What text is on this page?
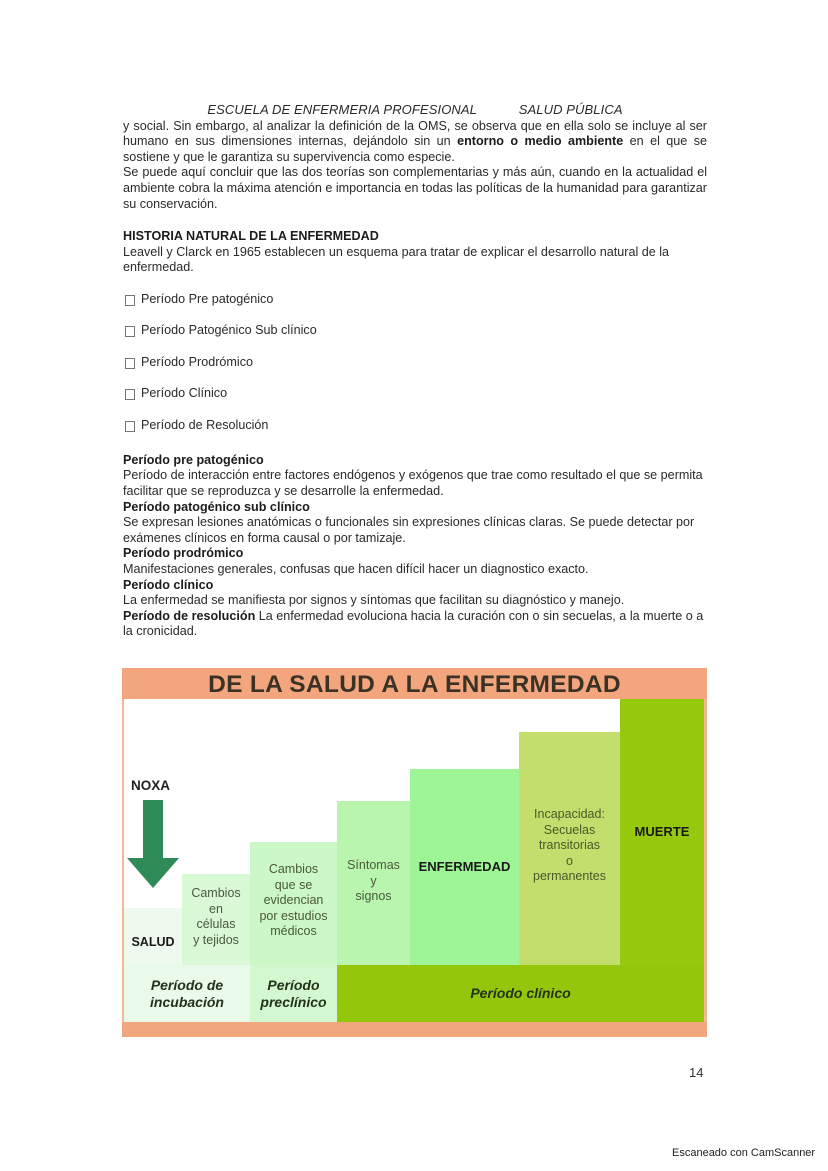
ESCUELA DE ENFERMERIA PROFESIONAL	SALUD PÚBLICA

y social. Sin embargo, al analizar la definición de la OMS, se observa que en ella solo se incluye al ser humano en sus dimensiones internas, dejándolo sin un entorno o medio ambiente en el que se sostiene y que le garantiza su supervivencia como especie.

Se puede aquí concluir que las dos teorías son complementarias y más aún, cuando en la actualidad el ambiente cobra la máxima atención e importancia en todas las políticas de la humanidad para garantizar su conservación.

HISTORIA NATURAL DE LA ENFERMEDAD

Leavell y Clarck en 1965 establecen un esquema para tratar de explicar el desarrollo natural de la enfermedad.

Período Pre patogénico
Período Patogénico Sub clínico
Período Prodrómico
Período Clínico
Período de Resolución
Período pre patogénico

Período de interacción entre factores endógenos y exógenos que trae como resultado el que se permita facilitar que se reproduzca y se desarrolle la enfermedad.

Período patogénico sub clínico

Se expresan lesiones anatómicas o funcionales sin expresiones clínicas claras. Se puede detectar por exámenes clínicos en forma causal o por tamizaje.

Período prodrómico

Manifestaciones generales, confusas que hacen difícil hacer un diagnostico exacto.

Período clínico

La enfermedad se manifiesta por signos y síntomas que facilitan su diagnóstico y manejo.

Período de resolución La enfermedad evoluciona hacia la curación con o sin secuelas, a la muerte o a la cronicidad.

DE LA SALUD A LA ENFERMEDAD
SALUD
Cambios
en
células
y tejidos
Cambios
que se
evidencian
por estudios
médicos
Síntomas
y
signos
ENFERMEDAD
Incapacidad:
Secuelas
transitorias
o
permanentes
MUERTE
NOXA
Período de
incubación
Período
preclínico
Período clínico
14
Escaneado con CamScanner
